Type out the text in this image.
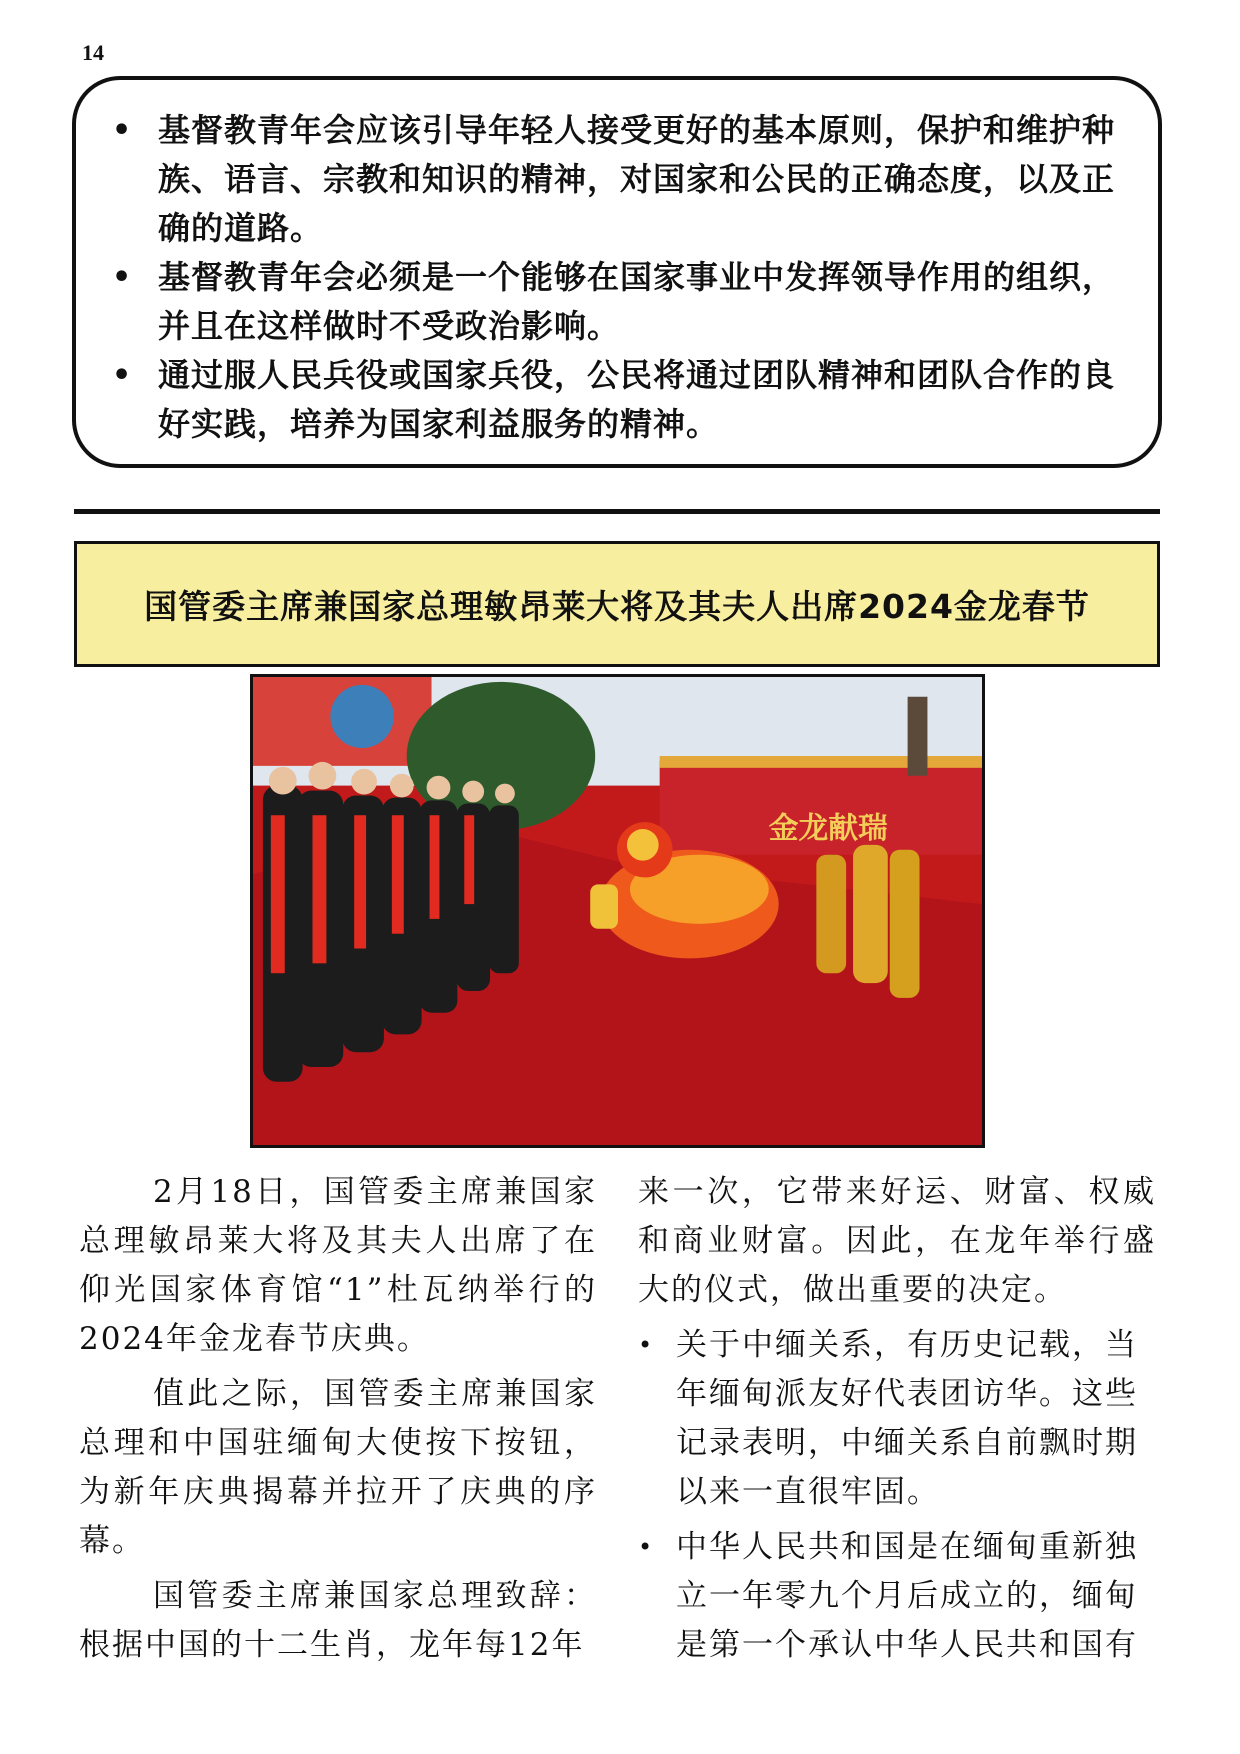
14
• 基督教青年会应该引导年轻人接受更好的基本原则，保护和维护种族、语言、宗教和知识的精神，对国家和公民的正确态度，以及正确的道路。
• 基督教青年会必须是一个能够在国家事业中发挥领导作用的组织，并且在这样做时不受政治影响。
• 通过服人民兵役或国家兵役，公民将通过团队精神和团队合作的良好实践，培养为国家利益服务的精神。
国管委主席兼国家总理敏昂莱大将及其夫人出席2024金龙春节
金龙献瑞

2月18日，国管委主席兼国家总理敏昂莱大将及其夫人出席了在仰光国家体育馆“1”杜瓦纳举行的2024年金龙春节庆典。

值此之际，国管委主席兼国家总理和中国驻缅甸大使按下按钮，为新年庆典揭幕并拉开了庆典的序幕。

国管委主席兼国家总理致辞：根据中国的十二生肖，龙年每12年

来一次，它带来好运、财富、权威和商业财富。因此，在龙年举行盛大的仪式，做出重要的决定。

• 关于中缅关系，有历史记载，当年缅甸派友好代表团访华。这些记录表明，中缅关系自前飘时期以来一直很牢固。
• 中华人民共和国是在缅甸重新独立一年零九个月后成立的，缅甸是第一个承认中华人民共和国有
